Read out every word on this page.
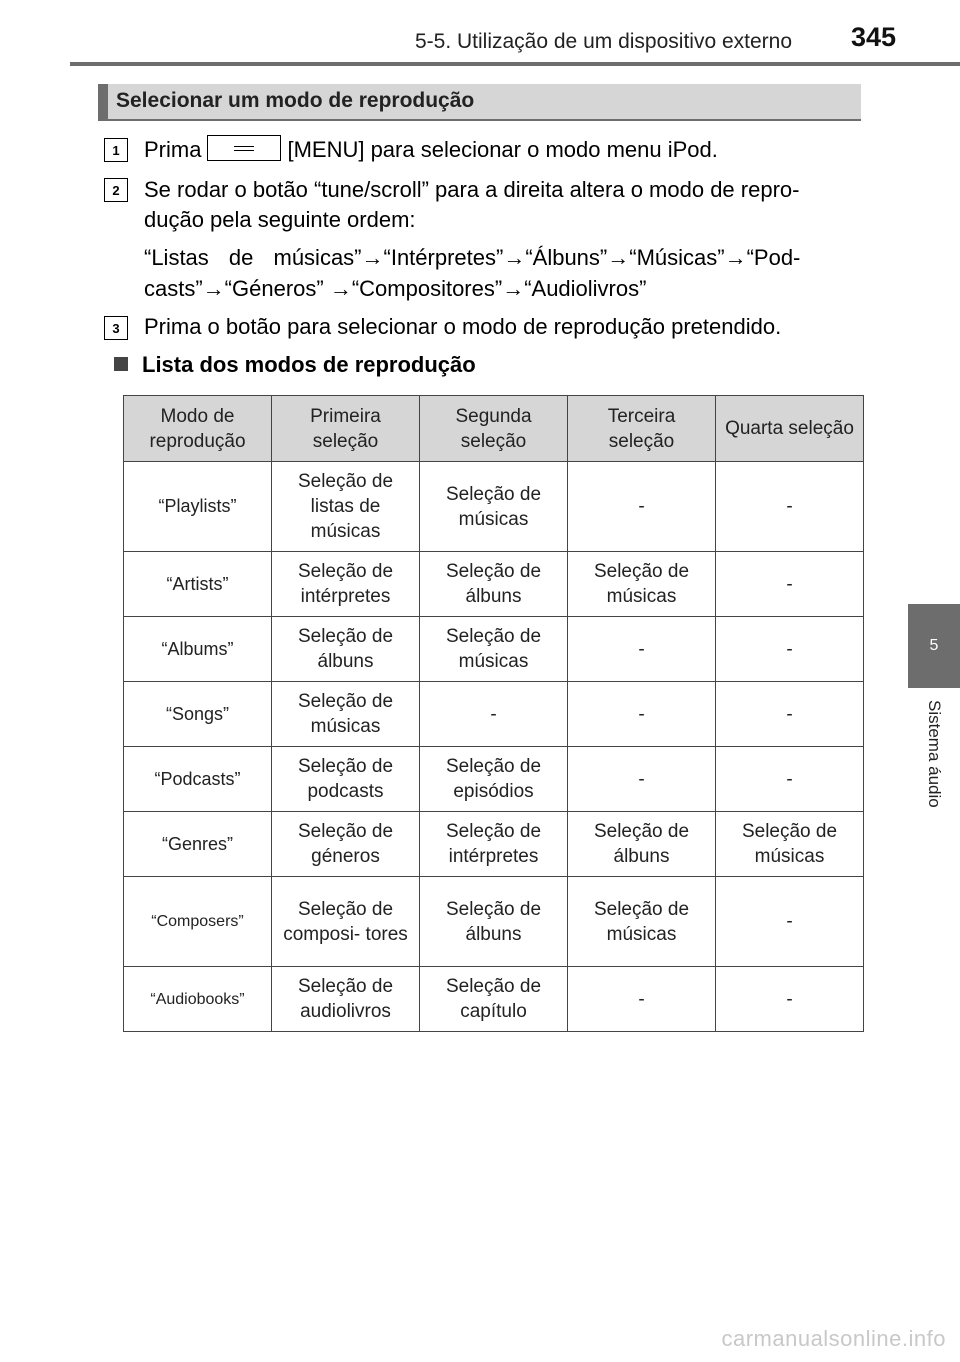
5-5. Utilização de um dispositivo externo 345
5
Sistema áudio
Selecionar um modo de reprodução
1	Prima	[MENU] para selecionar o modo menu iPod.
2	Se rodar o botão “tune/scroll” para a direita altera o modo de repro-
dução pela seguinte ordem:
“Listas de músicas”→“Intérpretes”→“Álbuns”→“Músicas”→“Pod-
casts”→“Géneros” →“Compositores”→“Audiolivros”
3	Prima o botão para selecionar o modo de reprodução pretendido.
Lista dos modos de reprodução
Modo de reprodução	Primeira seleção	Segunda seleção	Terceira seleção	Quarta seleção
“Playlists”	Seleção de listas de músicas	Seleção de músicas	-	-
“Artists”	Seleção de intérpretes	Seleção de álbuns	Seleção de músicas	-
“Albums”	Seleção de álbuns	Seleção de músicas	-	-
“Songs”	Seleção de músicas	-	-	-
“Podcasts”	Seleção de podcasts	Seleção de episódios	-	-
“Genres”	Seleção de géneros	Seleção de intérpretes	Seleção de álbuns	Seleção de músicas
“Composers”	Seleção de composi- tores	Seleção de álbuns	Seleção de músicas	-
“Audiobooks”	Seleção de audiolivros	Seleção de capítulo	-	-
carmanualsonline.info
